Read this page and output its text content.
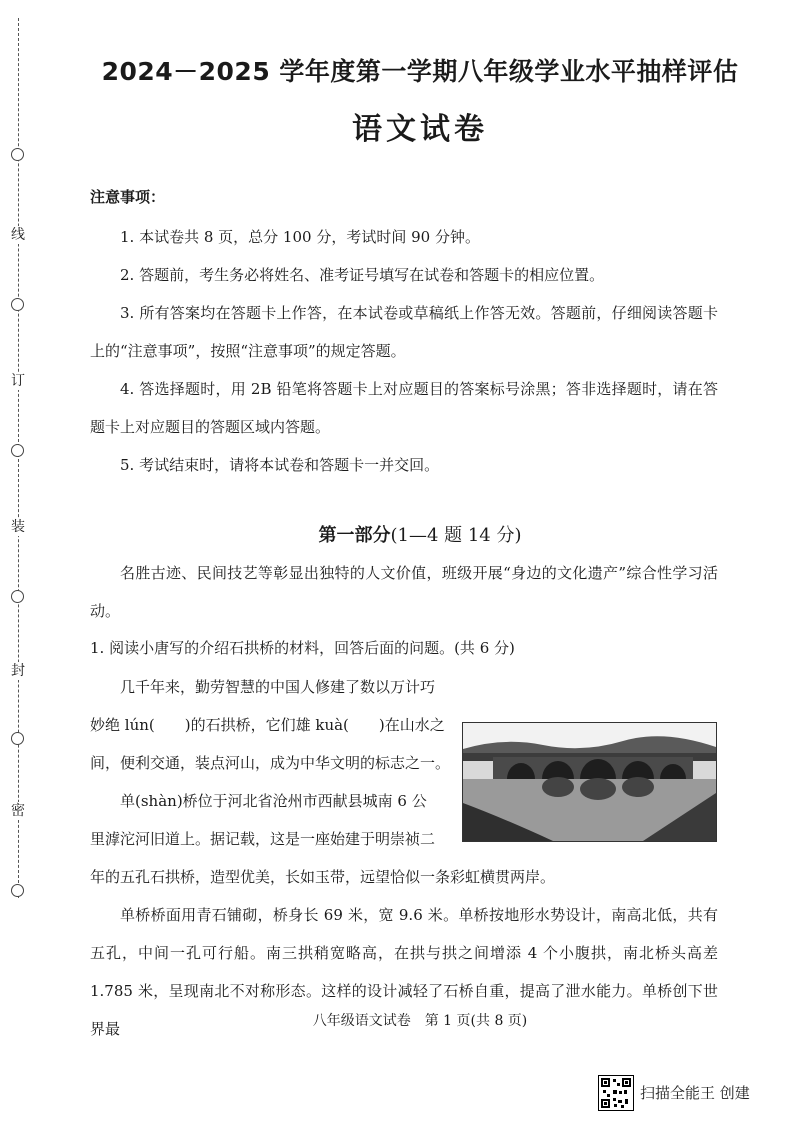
线
订
装
封
密
2024－2025 学年度第一学期八年级学业水平抽样评估
语文试卷
注意事项：

1. 本试卷共 8 页，总分 100 分，考试时间 90 分钟。

2. 答题前，考生务必将姓名、准考证号填写在试卷和答题卡的相应位置。

3. 所有答案均在答题卡上作答，在本试卷或草稿纸上作答无效。答题前，仔细阅读答题卡上的“注意事项”，按照“注意事项”的规定答题。

4. 答选择题时，用 2B 铅笔将答题卡上对应题目的答案标号涂黑；答非选择题时，请在答题卡上对应题目的答题区域内答题。

5. 考试结束时，请将本试卷和答题卡一并交回。

第一部分(1—4 题 14 分)

名胜古迹、民间技艺等彰显出独特的人文价值，班级开展“身边的文化遗产”综合性学习活动。

1. 阅读小唐写的介绍石拱桥的材料，回答后面的问题。(共 6 分)

几千年来，勤劳智慧的中国人修建了数以万计巧

妙绝 lún(　　)的石拱桥，它们雄 kuà(　　)在山水之

间，便利交通，装点河山，成为中华文明的标志之一。

单(shàn)桥位于河北省沧州市西献县城南 6 公

里滹沱河旧道上。据记载，这是一座始建于明崇祯二

年的五孔石拱桥，造型优美，长如玉带，远望恰似一条彩虹横贯两岸。

单桥桥面用青石铺砌，桥身长 69 米，宽 9.6 米。单桥按地形水势设计，南高北低，共有五孔，中间一孔可行船。南三拱稍宽略高，在拱与拱之间增添 4 个小腹拱，南北桥头高差 1.785 米，呈现南北不对称形态。这样的设计减轻了石桥自重，提高了泄水能力。单桥创下世界最	八年级语文试卷　第 1 页(共 8 页)
扫描全能王 创建
